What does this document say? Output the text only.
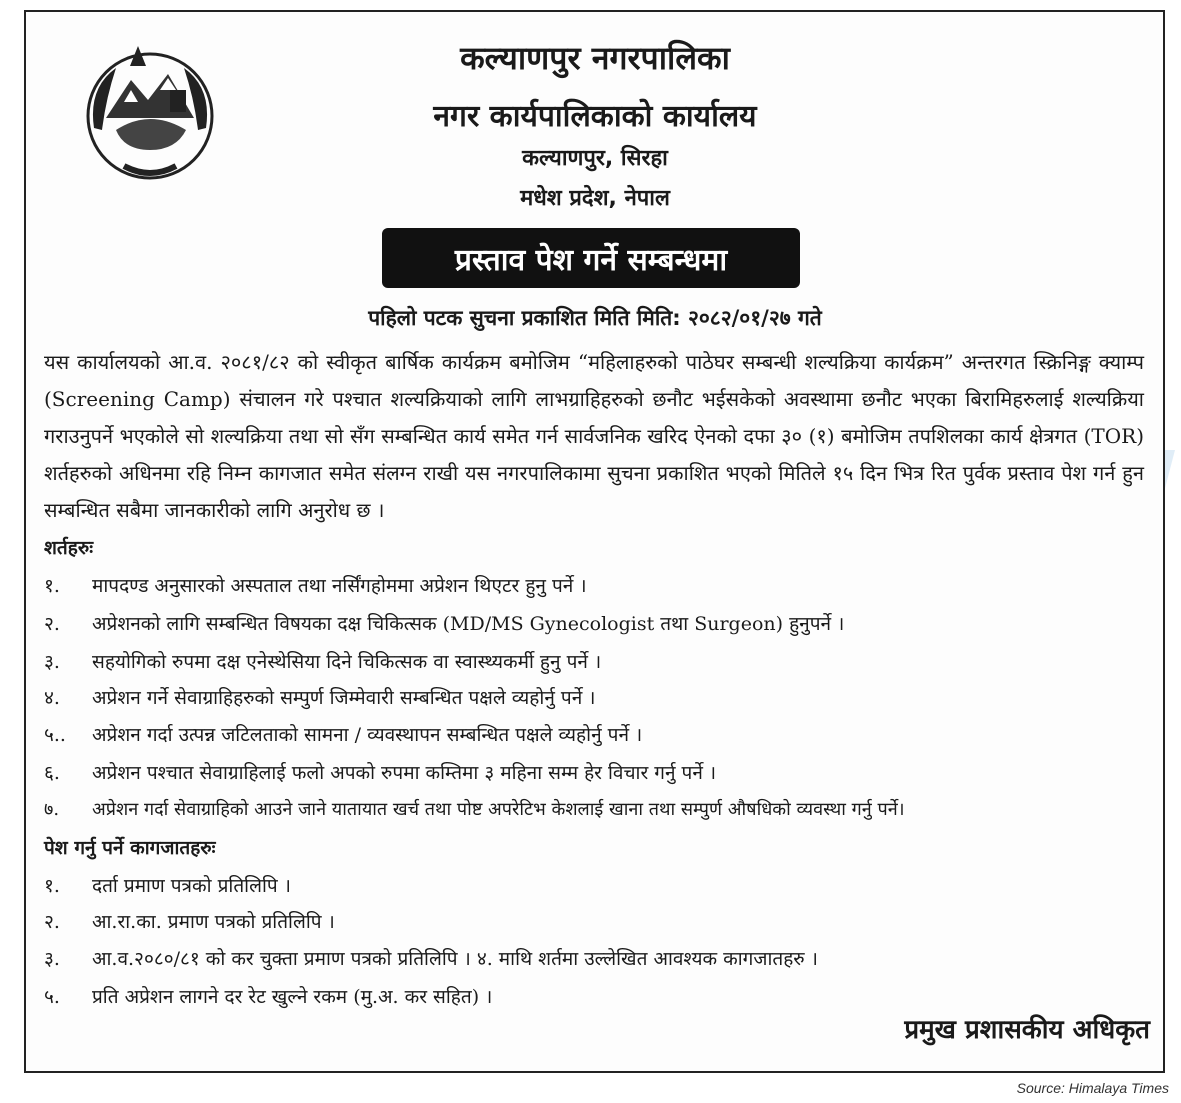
कल्याणपुर नगरपालिका
नगर कार्यपालिकाको कार्यालय
कल्याणपुर, सिरहा
मधेश प्रदेश, नेपाल
प्रस्ताव पेश गर्ने सम्बन्धमा
पहिलो पटक सुचना प्रकाशित मिति मिति: २०८२/०१/२७ गते
यस कार्यालयको आ.व. २०८१/८२ को स्वीकृत बार्षिक कार्यक्रम बमोजिम “महिलाहरुको पाठेघर सम्बन्धी शल्यक्रिया कार्यक्रम” अन्तरगत स्क्रिनिङ्ग क्याम्प (Screening Camp) संचालन गरे पश्चात शल्यक्रियाको लागि लाभग्राहिहरुको छनौट भईसकेको अवस्थामा छनौट भएका बिरामिहरुलाई शल्यक्रिया गराउनुपर्ने भएकोले सो शल्यक्रिया तथा सो सँग सम्बन्धित कार्य समेत गर्न सार्वजनिक खरिद ऐनको दफा ३० (१) बमोजिम तपशिलका कार्य क्षेत्रगत (TOR) शर्तहरुको अधिनमा रहि निम्न कागजात समेत संलग्न राखी यस नगरपालिकामा सुचना प्रकाशित भएको मितिले १५ दिन भित्र रित पुर्वक प्रस्ताव पेश गर्न हुन सम्बन्धित सबैमा जानकारीको लागि अनुरोध छ ।
शर्तहरुः
१. मापदण्ड अनुसारको अस्पताल तथा नर्सिंगहोममा अप्रेशन थिएटर हुनु पर्ने ।
२. अप्रेशनको लागि सम्बन्धित विषयका दक्ष चिकित्सक (MD/MS Gynecologist तथा Surgeon) हुनुपर्ने ।
३. सहयोगिको रुपमा दक्ष एनेस्थेसिया दिने चिकित्सक वा स्वास्थ्यकर्मी हुनु पर्ने ।
४. अप्रेशन गर्ने सेवाग्राहिहरुको सम्पुर्ण जिम्मेवारी सम्बन्धित पक्षले व्यहोर्नु पर्ने ।
५.. अप्रेशन गर्दा उत्पन्न जटिलताको सामना / व्यवस्थापन सम्बन्धित पक्षले व्यहोर्नु पर्ने ।
६. अप्रेशन पश्चात सेवाग्राहिलाई फलो अपको रुपमा कम्तिमा ३ महिना सम्म हेर विचार गर्नु पर्ने ।
७. अप्रेशन गर्दा सेवाग्राहिको आउने जाने यातायात खर्च तथा पोष्ट अपरेटिभ केशलाई खाना तथा सम्पुर्ण औषधिको व्यवस्था गर्नु पर्ने।
पेश गर्नु पर्ने कागजातहरुः
१. दर्ता प्रमाण पत्रको प्रतिलिपि ।
२. आ.रा.का. प्रमाण पत्रको प्रतिलिपि ।
३. आ.व.२०८०/८१ को कर चुक्ता प्रमाण पत्रको प्रतिलिपि । ४. माथि शर्तमा उल्लेखित आवश्यक कागजातहरु ।
५. प्रति अप्रेशन लागने दर रेट खुल्ने रकम (मु.अ. कर सहित) ।
प्रमुख प्रशासकीय अधिकृत
Source: Himalaya Times
